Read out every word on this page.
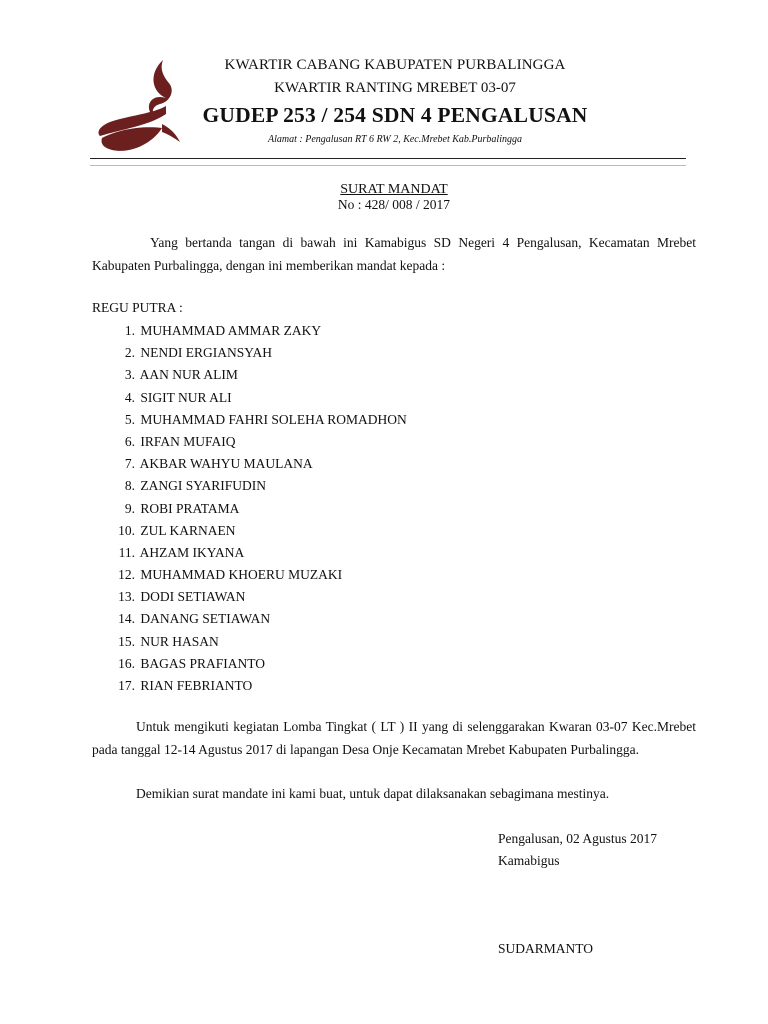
KWARTIR CABANG KABUPATEN PURBALINGGA
KWARTIR RANTING MREBET 03-07
GUDEP 253 / 254 SDN 4 PENGALUSAN
Alamat : Pengalusan RT 6 RW 2, Kec.Mrebet Kab.Purbalingga
SURAT MANDAT
No : 428/ 008 / 2017
Yang bertanda tangan di bawah ini Kamabigus SD Negeri 4 Pengalusan, Kecamatan Mrebet Kabupaten Purbalingga, dengan ini memberikan mandat kepada :
REGU PUTRA :
1. MUHAMMAD AMMAR ZAKY
2. NENDI ERGIANSYAH
3. AAN NUR ALIM
4. SIGIT NUR ALI
5. MUHAMMAD FAHRI SOLEHA ROMADHON
6. IRFAN MUFAIQ
7. AKBAR WAHYU MAULANA
8. ZANGI SYARIFUDIN
9. ROBI PRATAMA
10. ZUL KARNAEN
11. AHZAM IKYANA
12. MUHAMMAD KHOERU MUZAKI
13. DODI SETIAWAN
14. DANANG SETIAWAN
15. NUR HASAN
16. BAGAS PRAFIANTO
17. RIAN FEBRIANTO
Untuk mengikuti kegiatan Lomba Tingkat ( LT ) II yang di selenggarakan Kwaran 03-07 Kec.Mrebet pada tanggal 12-14 Agustus 2017 di lapangan Desa Onje Kecamatan Mrebet Kabupaten Purbalingga.
Demikian surat mandate ini kami buat, untuk dapat dilaksanakan sebagimana mestinya.
Pengalusan, 02 Agustus 2017
Kamabigus
SUDARMANTO
